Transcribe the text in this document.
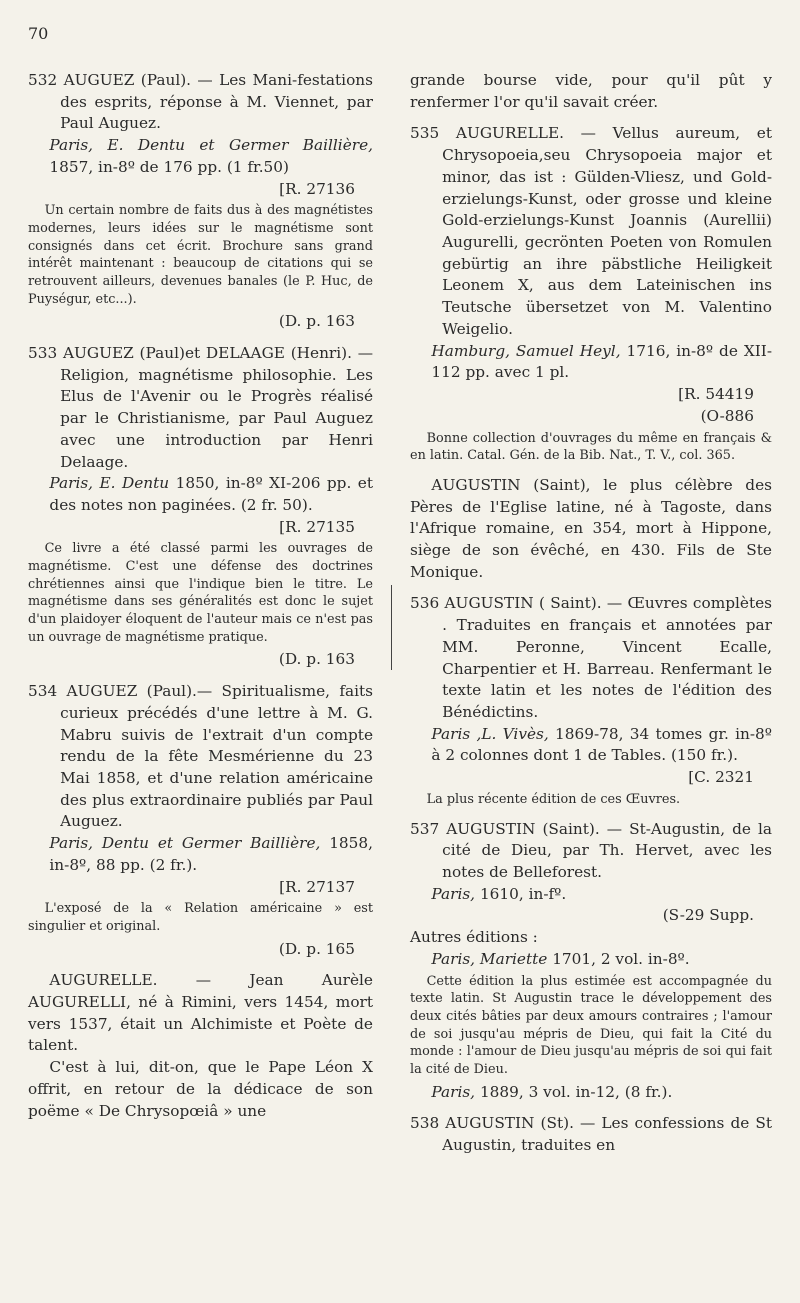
70

532 AUGUEZ (Paul). — Les Mani-festations des esprits, réponse à M. Viennet, par Paul Auguez.

Paris, E. Dentu et Germer Baillière, 1857, in-8º de 176 pp. (1 fr.50)

[R. 27136

Un certain nombre de faits dus à des magnétistes modernes, leurs idées sur le magnétisme sont consignés dans cet écrit. Brochure sans grand intérêt maintenant : beaucoup de citations qui se retrouvent ailleurs, devenues banales (le P. Huc, de Puységur, etc...).

(D. p. 163

533 AUGUEZ (Paul)et DELAAGE (Henri). — Religion, magnétisme philosophie. Les Elus de l'Avenir ou le Progrès réalisé par le Christianisme, par Paul Auguez avec une introduction par Henri Delaage.

Paris, E. Dentu 1850, in-8º XI-206 pp. et des notes non paginées. (2 fr. 50).

[R. 27135

Ce livre a été classé parmi les ouvrages de magnétisme. C'est une défense des doctrines chrétiennes ainsi que l'indique bien le titre. Le magnétisme dans ses généralités est donc le sujet d'un plaidoyer éloquent de l'auteur mais ce n'est pas un ouvrage de magnétisme pratique.

(D. p. 163

534 AUGUEZ (Paul).— Spiritualisme, faits curieux précédés d'une lettre à M. G. Mabru suivis de l'extrait d'un compte rendu de la fête Mesmérienne du 23 Mai 1858, et d'une relation américaine des plus extraordinaire publiés par Paul Auguez.

Paris, Dentu et Germer Baillière, 1858, in-8º, 88 pp. (2 fr.).

[R. 27137

L'exposé de la « Relation américaine » est singulier et original.

(D. p. 165

AUGURELLE. — Jean Aurèle AUGURELLI, né à Rimini, vers 1454, mort vers 1537, était un Alchimiste et Poète de talent.

C'est à lui, dit-on, que le Pape Léon X offrit, en retour de la dédicace de son poëme « De Chrysopœiâ » une

grande bourse vide, pour qu'il pût y renfermer l'or qu'il savait créer.

535 AUGURELLE. — Vellus aureum, et Chrysopoeia,seu Chrysopoeia major et minor, das ist : Gülden-Vliesz, und Gold-erzielungs-Kunst, oder grosse und kleine Gold-erzielungs-Kunst Joannis (Aurellii) Augurelli, gecrönten Poeten von Romulen gebürtig an ihre päbstliche Heiligkeit Leonem X, aus dem Lateinischen ins Teutsche übersetzet von M. Valentino Weigelio.

Hamburg, Samuel Heyl, 1716, in-8º de XII-112 pp. avec 1 pl.

[R. 54419

(O-886

Bonne collection d'ouvrages du même en français & en latin. Catal. Gén. de la Bib. Nat., T. V., col. 365.

AUGUSTIN (Saint), le plus célèbre des Pères de l'Eglise latine, né à Tagoste, dans l'Afrique romaine, en 354, mort à Hippone, siège de son évêché, en 430. Fils de Ste Monique.

536 AUGUSTIN ( Saint). — Œuvres complètes . Traduites en français et annotées par MM. Peronne, Vincent Ecalle, Charpentier et H. Barreau. Renfermant le texte latin et les notes de l'édition des Bénédictins.

Paris ,L. Vivès, 1869-78, 34 tomes gr. in-8º à 2 colonnes dont 1 de Tables. (150 fr.).

[C. 2321

La plus récente édition de ces Œuvres.

537 AUGUSTIN (Saint). — St-Augustin, de la cité de Dieu, par Th. Hervet, avec les notes de Belleforest.

Paris, 1610, in-fº.

(S-29 Supp.

Autres éditions :

Paris, Mariette 1701, 2 vol. in-8º.

Cette édition la plus estimée est accompagnée du texte latin. St Augustin trace le développement des deux cités bâties par deux amours contraires ; l'amour de soi jusqu'au mépris de Dieu, qui fait la Cité du monde : l'amour de Dieu jusqu'au mépris de soi qui fait la cité de Dieu.

Paris, 1889, 3 vol. in-12, (8 fr.).

538 AUGUSTIN (St). — Les confessions de St Augustin, traduites en
